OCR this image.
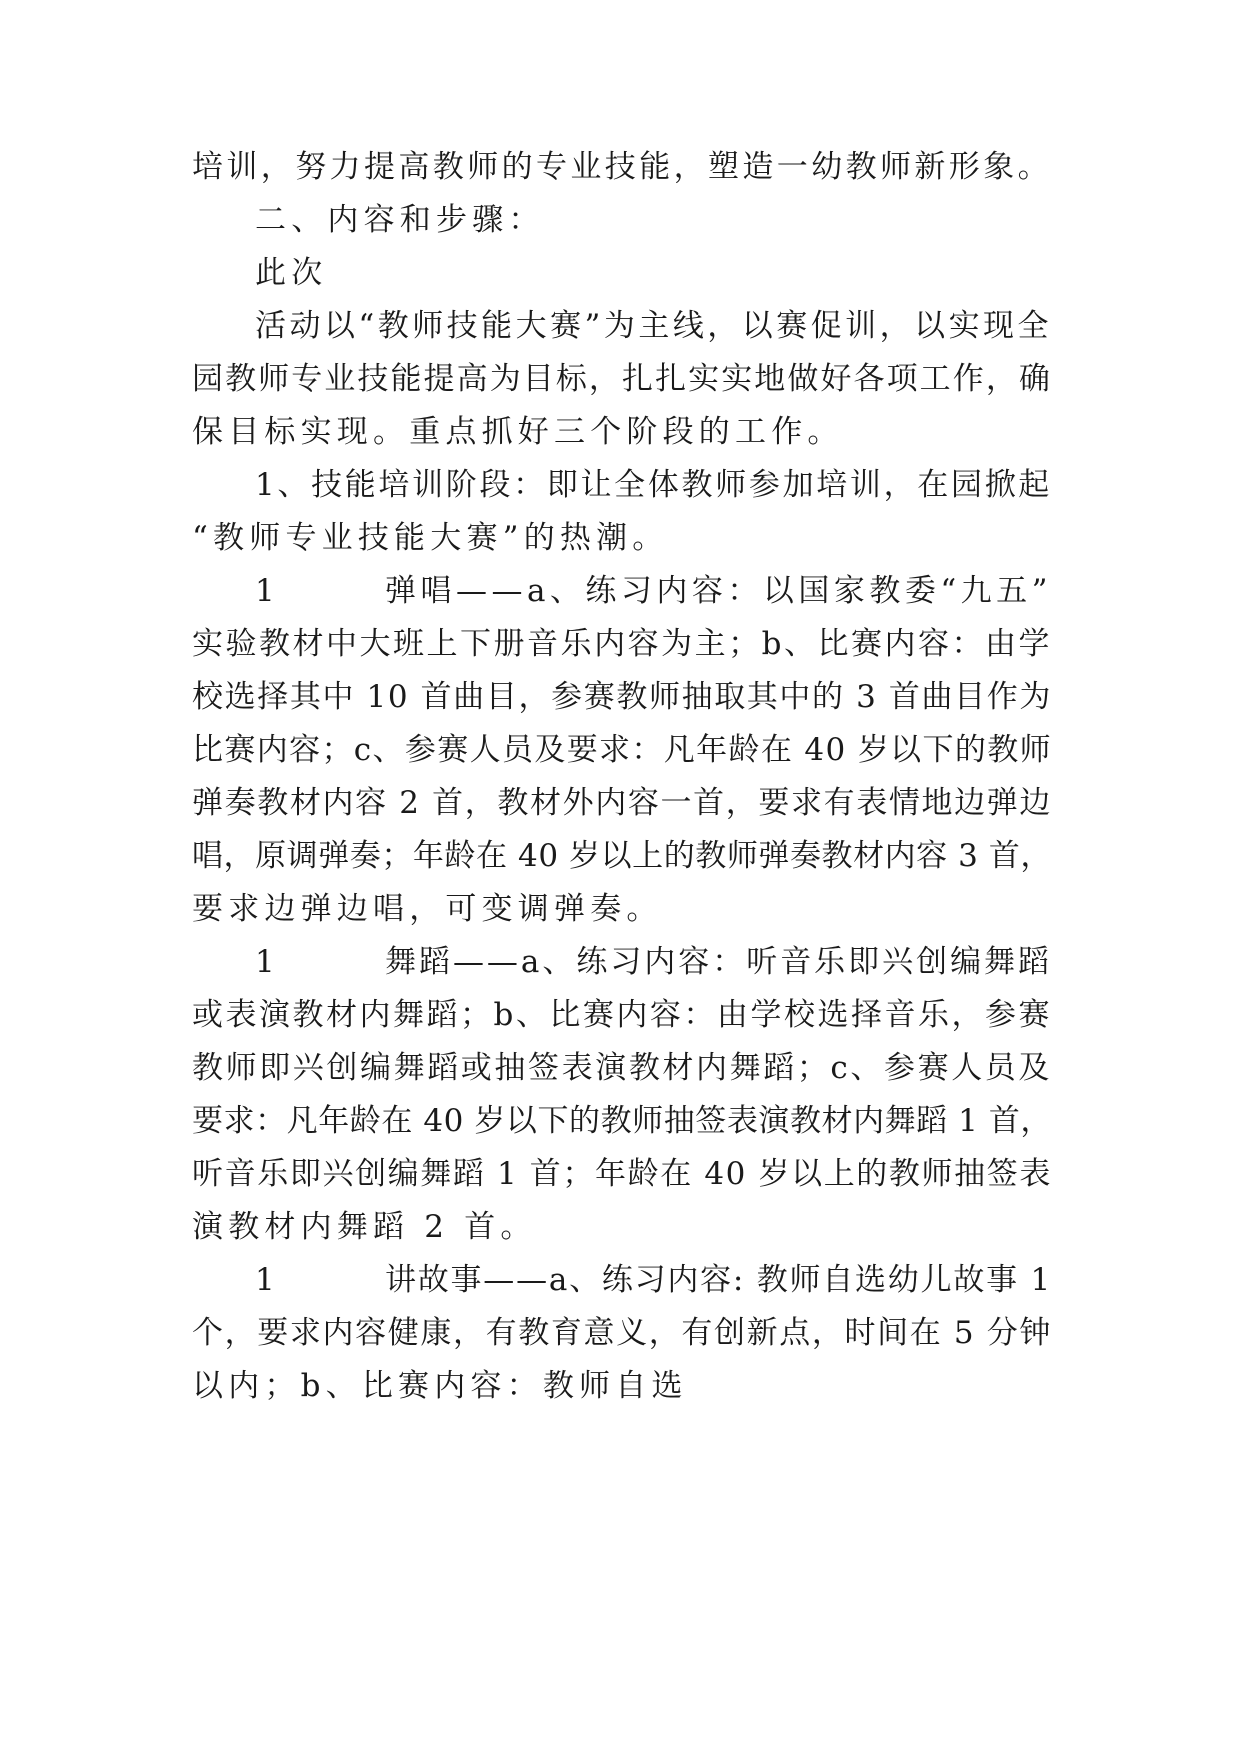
培训，努力提高教师的专业技能，塑造一幼教师新形象。
二、内容和步骤：
此次
活动以“教师技能大赛”为主线，以赛促训，以实现全
园教师专业技能提高为目标，扎扎实实地做好各项工作，确
保目标实现。重点抓好三个阶段的工作。
1、技能培训阶段：即让全体教师参加培训，在园掀起
“教师专业技能大赛”的热潮。
1	弹唱——a、练习内容：以国家教委“九五”
实验教材中大班上下册音乐内容为主；b、比赛内容：由学
校选择其中 10 首曲目，参赛教师抽取其中的 3 首曲目作为
比赛内容；c、参赛人员及要求：凡年龄在 40 岁以下的教师
弹奏教材内容 2 首，教材外内容一首，要求有表情地边弹边
唱，原调弹奏；年龄在 40 岁以上的教师弹奏教材内容 3 首，
要求边弹边唱，可变调弹奏。
1	舞蹈——a、练习内容：听音乐即兴创编舞蹈
或表演教材内舞蹈；b、比赛内容：由学校选择音乐，参赛
教师即兴创编舞蹈或抽签表演教材内舞蹈；c、参赛人员及
要求：凡年龄在 40 岁以下的教师抽签表演教材内舞蹈 1 首，
听音乐即兴创编舞蹈 1 首；年龄在 40 岁以上的教师抽签表
演教材内舞蹈 2 首。
1	讲故事——a、练习内容: 教师自选幼儿故事 1
个，要求内容健康，有教育意义，有创新点，时间在 5 分钟
以内；b、比赛内容：教师自选
